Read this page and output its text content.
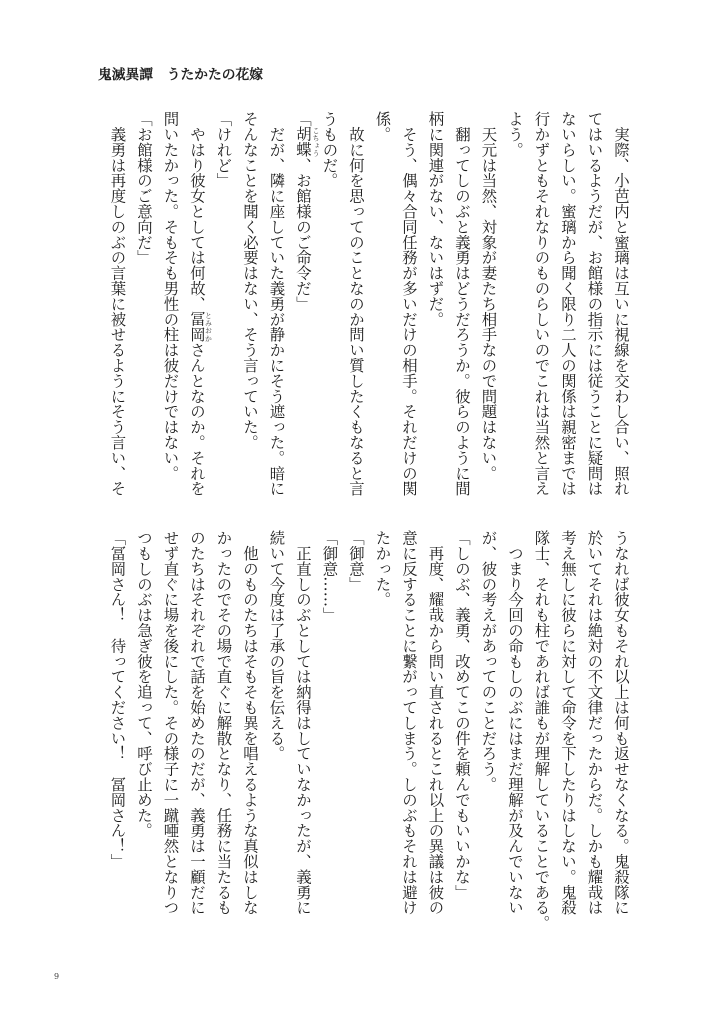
鬼滅異譚　うたかたの花嫁
　実際、小芭内と蜜璃は互いに視線を交わし合い、照れ
てはいるようだが、お館様の指示には従うことに疑問は
ないらしい。蜜璃から聞く限り二人の関係は親密までは
行かずともそれなりのものらしいのでこれは当然と言え
よう。
　天元は当然、対象が妻たち相手なので問題はない。
　翻ってしのぶと義勇はどうだろうか。彼らのように間
柄に関連がない、ないはずだ。
　そう、偶々合同任務が多いだけの相手。それだけの関
係。
　故に何を思ってのことなのか問い質したくもなると言
うものだ。
「胡蝶 こちょう
、お館様のご命令だ」
　だが、隣に座していた義勇が静かにそう遮った。暗に
そんなことを聞く必要はない、そう言っていた。
「けれど」
　やはり彼女としては何故、冨岡
とみおか
さんとなのか。それを
問いたかった。そもそも男性の柱は彼だけではない。
「お館様のご意向だ」
　義勇は再度しのぶの言葉に被せるようにそう言い、そ
うなれば彼女もそれ以上は何も返せなくなる。鬼殺隊に
於いてそれは絶対の不文律だったからだ。しかも耀哉は
考え無しに彼らに対して命令を下したりはしない。鬼殺
隊士、それも柱であれば誰もが理解していることである。
　つまり今回の命もしのぶにはまだ理解が及んでいない
が、彼の考えがあってのことだろう。
「しのぶ、義勇、改めてこの件を頼んでもいいかな」
　再度、耀哉から問い直されるとこれ以上の異議は彼の
意に反することに繋がってしまう。しのぶもそれは避け
たかった。
「御意」
「御意……」
　正直しのぶとしては納得はしていなかったが、義勇に
続いて今度は了承の旨を伝える。
　他のものたちはそもそも異を唱えるような真似はしな
かったのでその場で直ぐに解散となり、任務に当たるも
のたちはそれぞれで話を始めたのだが、義勇は一顧だに
せず直ぐに場を後にした。その様子に一蹴唖然となりつ
つもしのぶは急ぎ彼を追って、呼び止めた。
「冨岡さん！　待ってください！　冨岡さん！」
9
